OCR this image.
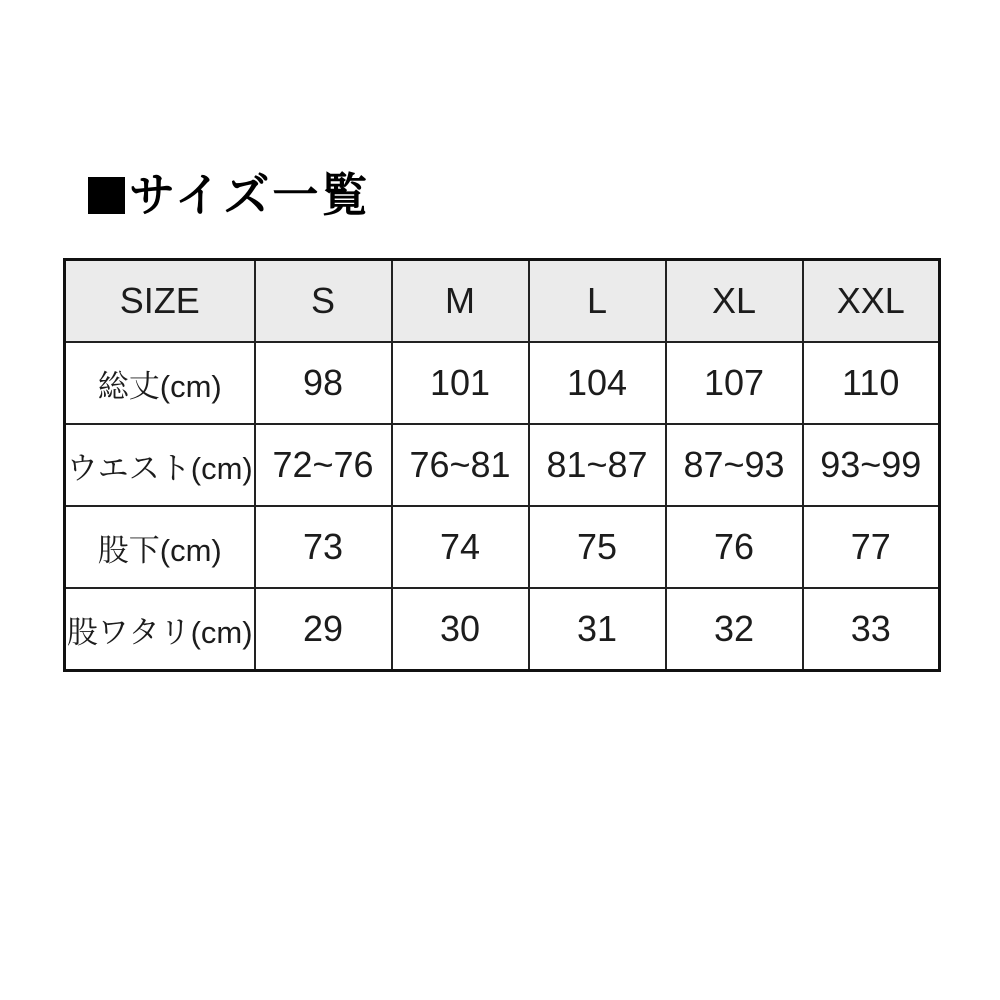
サイズ一覧
SIZE	S	M	L	XL	XXL
総丈(cm)	98	101	104	107	110
ウエスト(cm)	72~76	76~81	81~87	87~93	93~99
股下(cm)	73	74	75	76	77
股ワタリ(cm)	29	30	31	32	33
